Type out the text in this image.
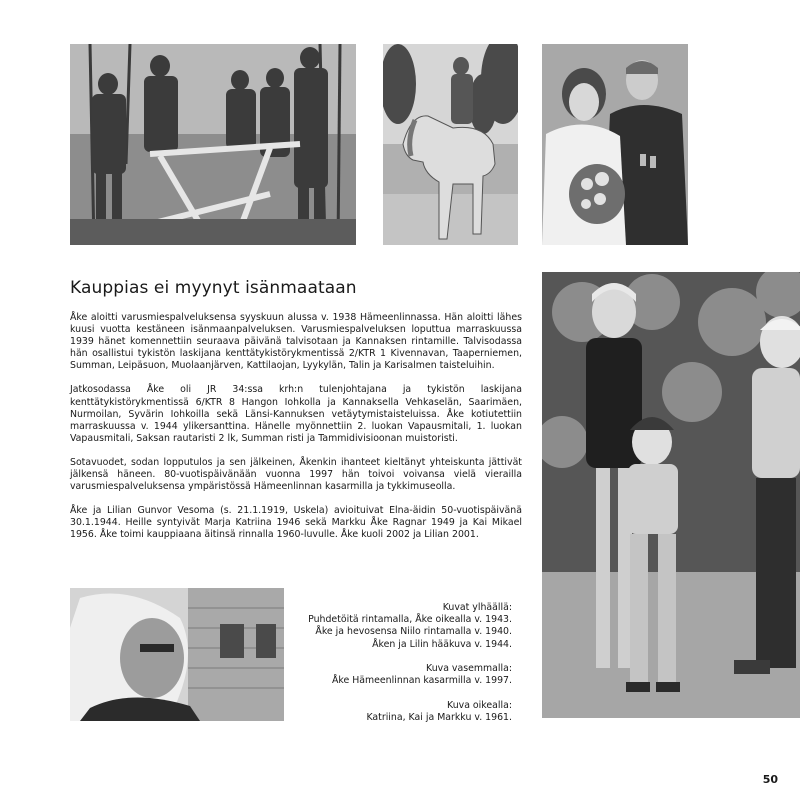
Kauppias ei myynyt isänmaataan

Åke aloitti varusmiespalveluksensa syyskuun alussa v. 1938 Hämeenlinnassa. Hän aloitti lähes kuusi vuotta kestäneen isänmaanpalveluksen. Varusmiespalveluksen loputtua marraskuussa 1939 hänet komennettiin seuraava päivänä talvisotaan ja Kannaksen rintamille. Talvisodassa hän osallistui tykistön laskijana kenttätykistörykmentissä 2/KTR 1 Kivennavan, Taaperniemen, Summan, Leipäsuon, Muolaanjärven, Kattilaojan, Lyykylän, Talin ja Karisalmen taisteluihin.

Jatkosodassa Åke oli JR 34:ssa krh:n tulenjohtajana ja tykistön laskijana kenttätykistörykmentissä 6/KTR 8 Hangon Iohkolla ja Kannaksella Vehkaselän, Saarimäen, Nurmoilan, Syvärin Iohkoilla sekä Länsi-Kannuksen vetäytymistaisteluissa. Åke kotiutettiin marraskuussa v. 1944 ylikersanttina. Hänelle myönnettiin 2. luokan Vapausmitali, 1. luokan Vapausmitali, Saksan rautaristi 2 lk, Summan risti ja Tammidivisioonan muistoristi.

Sotavuodet, sodan lopputulos ja sen jälkeinen, Åkenkin ihanteet kieltänyt yhteiskunta jättivät jälkensä häneen. 80-vuotispäivänään vuonna 1997 hän toivoi voivansa vielä vierailla varusmiespalveluksensa ympäristössä Hämeenlinnan kasarmilla ja tykkimuseolla.

Åke ja Lilian Gunvor Vesoma (s. 21.1.1919, Uskela) avioituivat Elna-äidin 50-vuotispäivänä 30.1.1944. Heille syntyivät Marja Katriina 1946 sekä Markku Åke Ragnar 1949 ja Kai Mikael 1956. Åke toimi kauppiaana äitinsä rinnalla 1960-luvulle. Åke kuoli 2002 ja Lilian 2001.

Kuvat ylhäällä:
Puhdetöitä rintamalla, Åke oikealla v. 1943.
Åke ja hevosensa Niilo rintamalla v. 1940.
Åken ja Lilin hääkuva v. 1944.
Kuva vasemmalla:
Åke Hämeenlinnan kasarmilla v. 1997.
Kuva oikealla:
Katriina, Kai ja Markku v. 1961.
50
